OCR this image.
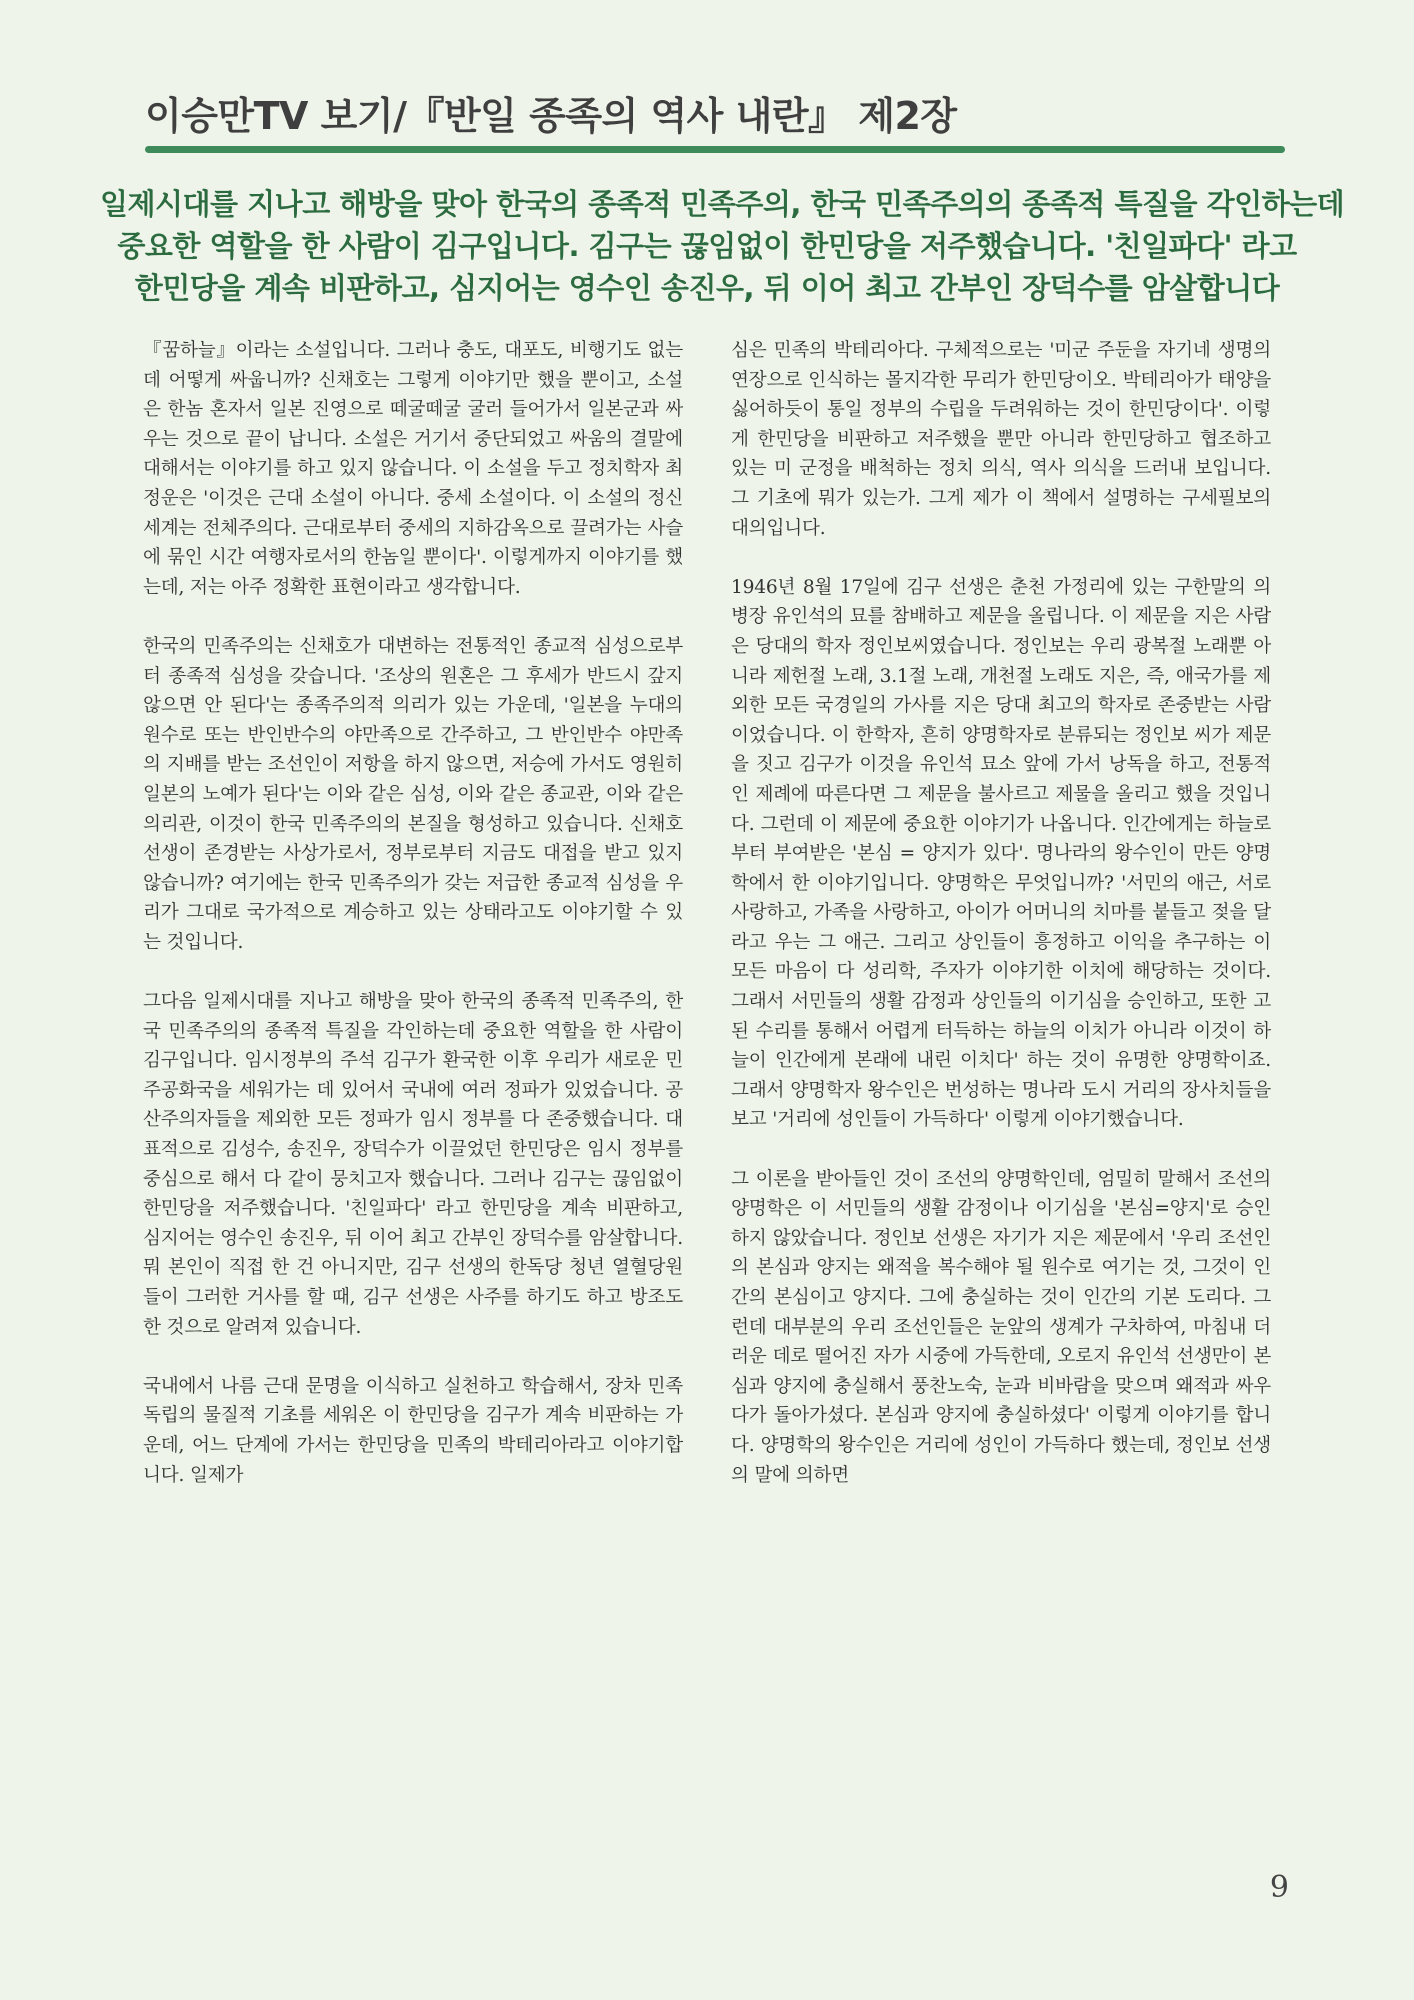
이승만TV 보기/『반일 종족의 역사 내란』 제2장
일제시대를 지나고 해방을 맞아 한국의 종족적 민족주의, 한국 민족주의의 종족적 특질을 각인하는데
중요한 역할을 한 사람이 김구입니다. 김구는 끊임없이 한민당을 저주했습니다. '친일파다' 라고
한민당을 계속 비판하고, 심지어는 영수인 송진우, 뒤 이어 최고 간부인 장덕수를 암살합니다

『꿈하늘』이라는 소설입니다. 그러나 충도, 대포도, 비행기도 없는데 어떻게 싸웁니까? 신채호는 그렇게 이야기만 했을 뿐이고, 소설은 한놈 혼자서 일본 진영으로 떼굴떼굴 굴러 들어가서 일본군과 싸우는 것으로 끝이 납니다. 소설은 거기서 중단되었고 싸움의 결말에 대해서는 이야기를 하고 있지 않습니다. 이 소설을 두고 정치학자 최정운은 '이것은 근대 소설이 아니다. 중세 소설이다. 이 소설의 정신세계는 전체주의다. 근대로부터 중세의 지하감옥으로 끌려가는 사슬에 묶인 시간 여행자로서의 한놈일 뿐이다'. 이렇게까지 이야기를 했는데, 저는 아주 정확한 표현이라고 생각합니다.

한국의 민족주의는 신채호가 대변하는 전통적인 종교적 심성으로부터 종족적 심성을 갖습니다. '조상의 원혼은 그 후세가 반드시 갚지 않으면 안 된다'는 종족주의적 의리가 있는 가운데, '일본을 누대의 원수로 또는 반인반수의 야만족으로 간주하고, 그 반인반수 야만족의 지배를 받는 조선인이 저항을 하지 않으면, 저승에 가서도 영원히 일본의 노예가 된다'는 이와 같은 심성, 이와 같은 종교관, 이와 같은 의리관, 이것이 한국 민족주의의 본질을 형성하고 있습니다. 신채호 선생이 존경받는 사상가로서, 정부로부터 지금도 대접을 받고 있지 않습니까? 여기에는 한국 민족주의가 갖는 저급한 종교적 심성을 우리가 그대로 국가적으로 계승하고 있는 상태라고도 이야기할 수 있는 것입니다.

그다음 일제시대를 지나고 해방을 맞아 한국의 종족적 민족주의, 한국 민족주의의 종족적 특질을 각인하는데 중요한 역할을 한 사람이 김구입니다. 임시정부의 주석 김구가 환국한 이후 우리가 새로운 민주공화국을 세워가는 데 있어서 국내에 여러 정파가 있었습니다. 공산주의자들을 제외한 모든 정파가 임시 정부를 다 존중했습니다. 대표적으로 김성수, 송진우, 장덕수가 이끌었던 한민당은 임시 정부를 중심으로 해서 다 같이 뭉치고자 했습니다. 그러나 김구는 끊임없이 한민당을 저주했습니다. '친일파다' 라고 한민당을 계속 비판하고, 심지어는 영수인 송진우, 뒤 이어 최고 간부인 장덕수를 암살합니다. 뭐 본인이 직접 한 건 아니지만, 김구 선생의 한독당 청년 열혈당원들이 그러한 거사를 할 때, 김구 선생은 사주를 하기도 하고 방조도 한 것으로 알려져 있습니다.

국내에서 나름 근대 문명을 이식하고 실천하고 학습해서, 장차 민족 독립의 물질적 기초를 세워온 이 한민당을 김구가 계속 비판하는 가운데, 어느 단계에 가서는 한민당을 민족의 박테리아라고 이야기합니다. 일제가

심은 민족의 박테리아다. 구체적으로는 '미군 주둔을 자기네 생명의 연장으로 인식하는 몰지각한 무리가 한민당이오. 박테리아가 태양을 싫어하듯이 통일 정부의 수립을 두려워하는 것이 한민당이다'. 이렇게 한민당을 비판하고 저주했을 뿐만 아니라 한민당하고 협조하고 있는 미 군정을 배척하는 정치 의식, 역사 의식을 드러내 보입니다. 그 기초에 뭐가 있는가. 그게 제가 이 책에서 설명하는 구세필보의 대의입니다.

1946년 8월 17일에 김구 선생은 춘천 가정리에 있는 구한말의 의병장 유인석의 묘를 참배하고 제문을 올립니다. 이 제문을 지은 사람은 당대의 학자 정인보씨였습니다. 정인보는 우리 광복절 노래뿐 아니라 제헌절 노래, 3.1절 노래, 개천절 노래도 지은, 즉, 애국가를 제외한 모든 국경일의 가사를 지은 당대 최고의 학자로 존중받는 사람이었습니다. 이 한학자, 흔히 양명학자로 분류되는 정인보 씨가 제문을 짓고 김구가 이것을 유인석 묘소 앞에 가서 낭독을 하고, 전통적인 제례에 따른다면 그 제문을 불사르고 제물을 올리고 했을 것입니다. 그런데 이 제문에 중요한 이야기가 나옵니다. 인간에게는 하늘로부터 부여받은 '본심 = 양지가 있다'. 명나라의 왕수인이 만든 양명학에서 한 이야기입니다. 양명학은 무엇입니까? '서민의 애근, 서로 사랑하고, 가족을 사랑하고, 아이가 어머니의 치마를 붙들고 젖을 달라고 우는 그 애근. 그리고 상인들이 흥정하고 이익을 추구하는 이 모든 마음이 다 성리학, 주자가 이야기한 이치에 해당하는 것이다. 그래서 서민들의 생활 감정과 상인들의 이기심을 승인하고, 또한 고된 수리를 통해서 어렵게 터득하는 하늘의 이치가 아니라 이것이 하늘이 인간에게 본래에 내린 이치다' 하는 것이 유명한 양명학이죠. 그래서 양명학자 왕수인은 번성하는 명나라 도시 거리의 장사치들을 보고 '거리에 성인들이 가득하다' 이렇게 이야기했습니다.

그 이론을 받아들인 것이 조선의 양명학인데, 엄밀히 말해서 조선의 양명학은 이 서민들의 생활 감정이나 이기심을 '본심=양지'로 승인하지 않았습니다. 정인보 선생은 자기가 지은 제문에서 '우리 조선인의 본심과 양지는 왜적을 복수해야 될 원수로 여기는 것, 그것이 인간의 본심이고 양지다. 그에 충실하는 것이 인간의 기본 도리다. 그런데 대부분의 우리 조선인들은 눈앞의 생계가 구차하여, 마침내 더러운 데로 떨어진 자가 시중에 가득한데, 오로지 유인석 선생만이 본심과 양지에 충실해서 풍찬노숙, 눈과 비바람을 맞으며 왜적과 싸우다가 돌아가셨다. 본심과 양지에 충실하셨다' 이렇게 이야기를 합니다. 양명학의 왕수인은 거리에 성인이 가득하다 했는데, 정인보 선생의 말에 의하면

9
